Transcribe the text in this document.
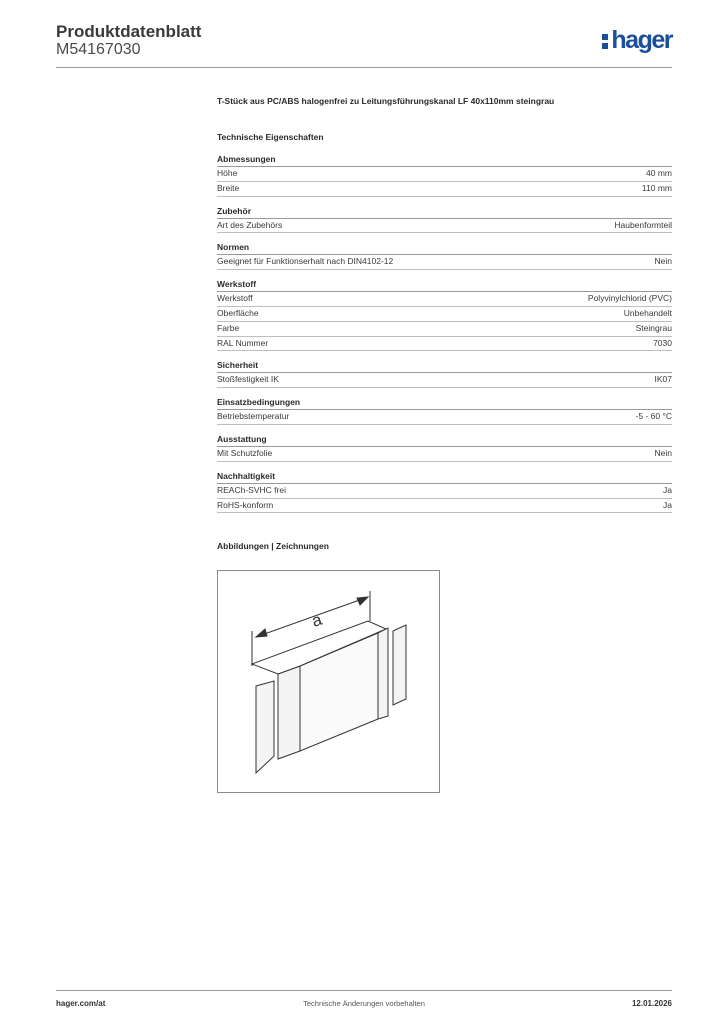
Produktdatenblatt
M54167030	hager
T-Stück aus PC/ABS halogenfrei zu Leitungsführungskanal LF 40x110mm steingrau
Technische Eigenschaften
Abmessungen
Höhe	40 mm
Breite	110 mm
Zubehör
Art des Zubehörs	Haubenformteil
Normen
Geeignet für Funktionserhalt nach DIN4102-12	Nein
Werkstoff
Werkstoff	Polyvinylchlorid (PVC)
Oberfläche	Unbehandelt
Farbe	Steingrau
RAL Nummer	7030
Sicherheit
Stoßfestigkeit IK	IK07
Einsatzbedingungen
Betriebstemperatur	-5 - 60 °C
Ausstattung
Mit Schutzfolie	Nein
Nachhaltigkeit
REACh-SVHC frei	Ja
RoHS-konform	Ja
Abbildungen | Zeichnungen
a
hager.com/at	Technische Änderungen vorbehalten	12.01.2026
